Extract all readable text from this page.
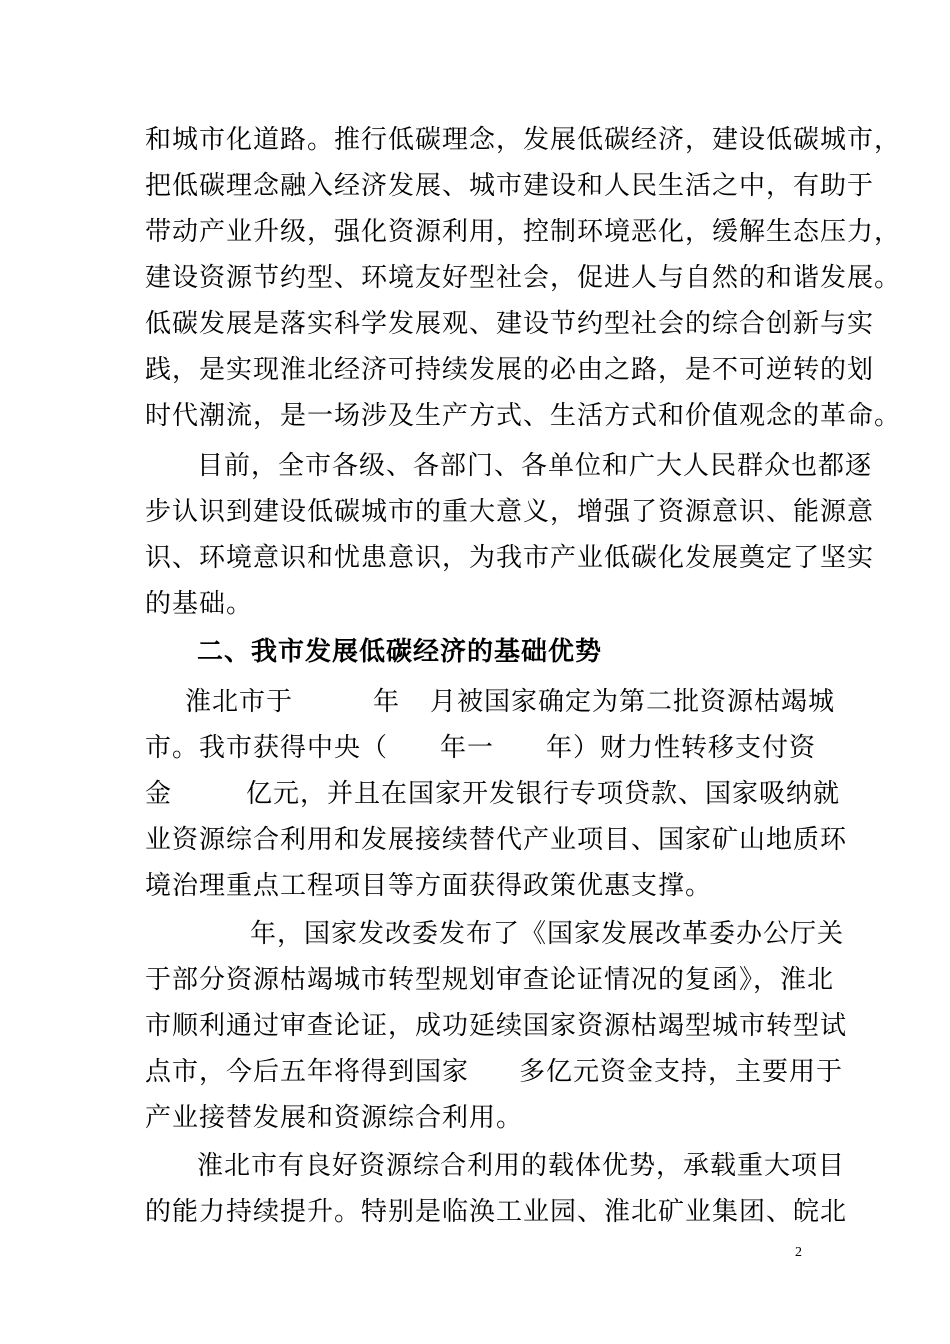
和城市化道路。推行低碳理念，发展低碳经济，建设低碳城市，
把低碳理念融入经济发展、城市建设和人民生活之中，有助于
带动产业升级，强化资源利用，控制环境恶化，缓解生态压力，
建设资源节约型、环境友好型社会，促进人与自然的和谐发展。
低碳发展是落实科学发展观、建设节约型社会的综合创新与实
践，是实现淮北经济可持续发展的必由之路，是不可逆转的划
时代潮流，是一场涉及生产方式、生活方式和价值观念的革命。
目前，全市各级、各部门、各单位和广大人民群众也都逐
步认识到建设低碳城市的重大意义，增强了资源意识、能源意
识、环境意识和忧患意识，为我市产业低碳化发展奠定了坚实
的基础。
二、我市发展低碳经济的基础优势
淮北市于	年 月被国家确定为第二批资源枯竭城
市。我市获得中央（ 年一 年）财力性转移支付资
金	亿元，并且在国家开发银行专项贷款、国家吸纳就
业资源综合利用和发展接续替代产业项目、国家矿山地质环
境治理重点工程项目等方面获得政策优惠支撑。
年，国家发改委发布了《国家发展改革委办公厅关
于部分资源枯竭城市转型规划审查论证情况的复函》，淮北
市顺利通过审查论证，成功延续国家资源枯竭型城市转型试
点市，今后五年将得到国家 多亿元资金支持，主要用于
产业接替发展和资源综合利用。
淮北市有良好资源综合利用的载体优势，承载重大项目
的能力持续提升。特别是临涣工业园、淮北矿业集团、皖北
2
